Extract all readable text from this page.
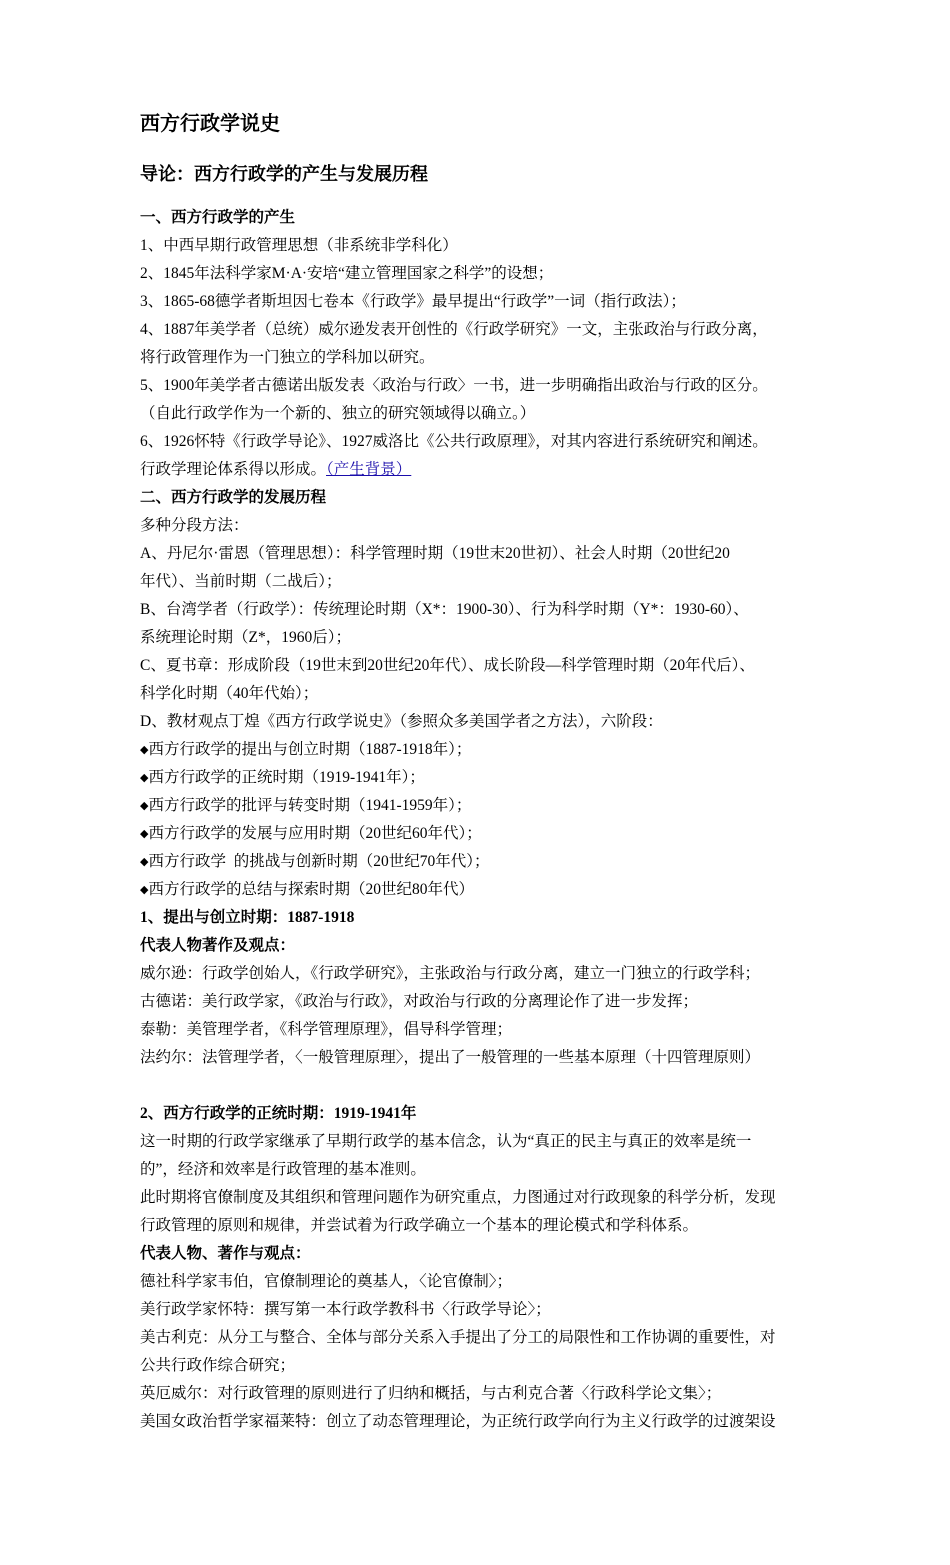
西方行政学说史
导论：西方行政学的产生与发展历程
一、西方行政学的产生
1、中西早期行政管理思想（非系统非学科化）
2、1845年法科学家M·A·安培“建立管理国家之科学”的设想；
3、1865-68德学者斯坦因七卷本《行政学》最早提出“行政学”一词（指行政法）；
4、1887年美学者（总统）威尔逊发表开创性的《行政学研究》一文，主张政治与行政分离，
将行政管理作为一门独立的学科加以研究。
5、1900年美学者古德诺出版发表〈政治与行政〉一书，进一步明确指出政治与行政的区分。
（自此行政学作为一个新的、独立的研究领域得以确立。）
6、1926怀特《行政学导论》、1927威洛比《公共行政原理》，对其内容进行系统研究和阐述。
行政学理论体系得以形成。（产生背景）
二、西方行政学的发展历程
多种分段方法：
A、丹尼尔·雷恩（管理思想）：科学管理时期（19世末20世初）、社会人时期（20世纪20
年代）、当前时期（二战后）；
B、台湾学者（行政学）：传统理论时期（X*：1900-30）、行为科学时期（Y*：1930-60）、
系统理论时期（Z*，1960后）；
C、夏书章：形成阶段（19世末到20世纪20年代）、成长阶段—科学管理时期（20年代后）、
科学化时期（40年代始）；
D、教材观点丁煌《西方行政学说史》（参照众多美国学者之方法），六阶段：
◆西方行政学的提出与创立时期（1887-1918年）；
◆西方行政学的正统时期（1919-1941年）；
◆西方行政学的批评与转变时期（1941-1959年）；
◆西方行政学的发展与应用时期（20世纪60年代）；
◆西方行政学  的挑战与创新时期（20世纪70年代）；
◆西方行政学的总结与探索时期（20世纪80年代）
1、提出与创立时期：1887-1918
代表人物著作及观点：
威尔逊：行政学创始人，《行政学研究》，主张政治与行政分离，建立一门独立的行政学科；
古德诺：美行政学家，《政治与行政》，对政治与行政的分离理论作了进一步发挥；
泰勒：美管理学者，《科学管理原理》，倡导科学管理；
法约尔：法管理学者，〈一般管理原理〉，提出了一般管理的一些基本原理（十四管理原则）
2、西方行政学的正统时期：1919-1941年
这一时期的行政学家继承了早期行政学的基本信念，认为“真正的民主与真正的效率是统一
的”，经济和效率是行政管理的基本准则。
此时期将官僚制度及其组织和管理问题作为研究重点，力图通过对行政现象的科学分析，发现
行政管理的原则和规律，并尝试着为行政学确立一个基本的理论模式和学科体系。
代表人物、著作与观点：
德社科学家韦伯，官僚制理论的奠基人，〈论官僚制〉；
美行政学家怀特：撰写第一本行政学教科书〈行政学导论〉；
美古利克：从分工与整合、全体与部分关系入手提出了分工的局限性和工作协调的重要性，对
公共行政作综合研究；
英厄威尔：对行政管理的原则进行了归纳和概括，与古利克合著〈行政科学论文集〉；
美国女政治哲学家福莱特：创立了动态管理理论，为正统行政学向行为主义行政学的过渡架设
